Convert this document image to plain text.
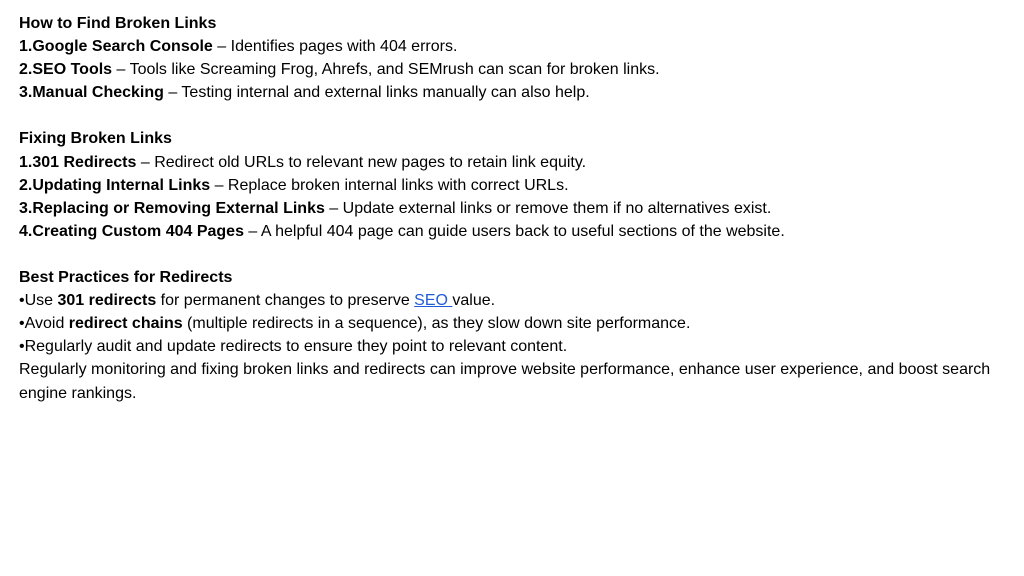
How to Find Broken Links
1.Google Search Console – Identifies pages with 404 errors.
2.SEO Tools – Tools like Screaming Frog, Ahrefs, and SEMrush can scan for broken links.
3.Manual Checking – Testing internal and external links manually can also help.
Fixing Broken Links
1.301 Redirects – Redirect old URLs to relevant new pages to retain link equity.
2.Updating Internal Links – Replace broken internal links with correct URLs.
3.Replacing or Removing External Links – Update external links or remove them if no alternatives exist.
4.Creating Custom 404 Pages – A helpful 404 page can guide users back to useful sections of the website.
Best Practices for Redirects
•Use 301 redirects for permanent changes to preserve SEO value.
•Avoid redirect chains (multiple redirects in a sequence), as they slow down site performance.
•Regularly audit and update redirects to ensure they point to relevant content.
Regularly monitoring and fixing broken links and redirects can improve website performance, enhance user experience, and boost search engine rankings.
